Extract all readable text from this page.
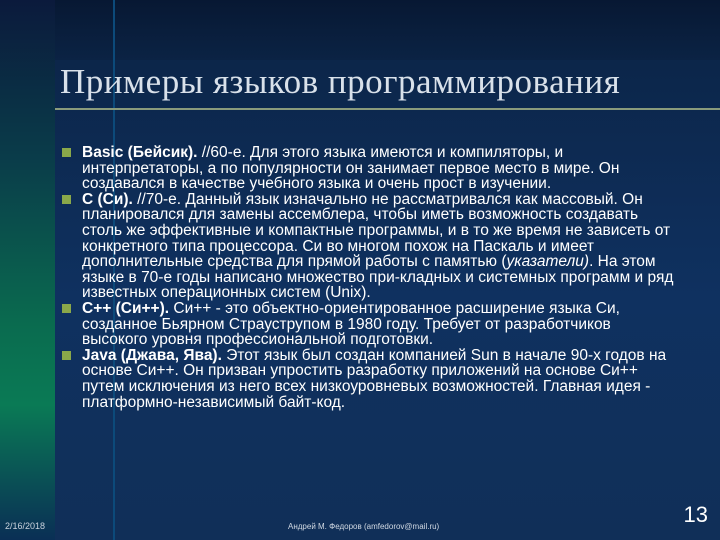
Примеры языков программирования
Basic (Бейсик). //60-е. Для этого языка имеются и компиляторы, и интерпретаторы, а по популярности он занимает первое место в мире. Он создавался в качестве учебного языка и очень прост в изучении.
С (Си). //70-е. Данный язык изначально не рассматривался как массовый. Он планировался для замены ассемблера, чтобы иметь возможность создавать столь же эффективные и компактные программы, и в то же время не зависеть от конкретного типа процессора. Си во многом похож на Паскаль и имеет дополнительные средства для прямой работы с памятью (указатели). На этом языке в 70-е годы написано множество при-кладных и системных программ и ряд известных операционных систем (Unix).
С++ (Си++). Си++ - это объектно-ориентированное расширение языка Си, созданное Бьярном Страуструпом в 1980 году. Требует от разработчиков высокого уровня профессиональной подготовки.
Java (Джава, Ява). Этот язык был создан компанией Sun в начале 90-х годов на основе Си++. Он призван упростить разработку приложений на основе Си++ путем исключения из него всех низкоуровневых возможностей. Главная идея - платформно-независимый байт-код.
2/16/2018	Андрей М. Федоров (amfedorov@mail.ru)	13
